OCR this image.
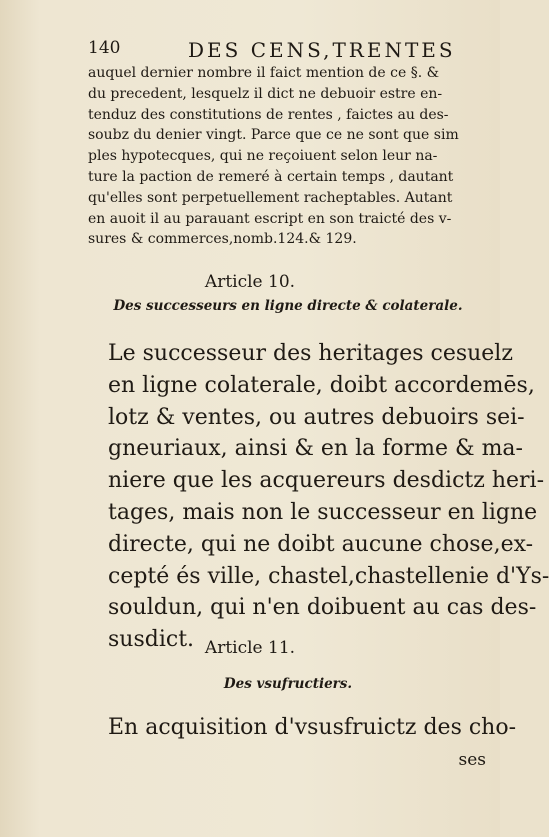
140	DES CENS,TRENTES
auquel dernier nombre il faict mention de ce §. &
du precedent, lesquelz il dict ne debuoir estre en-
tenduz des constitutions de rentes , faictes au des-
soubz du denier vingt. Parce que ce ne sont que sim
ples hypotecques, qui ne reçoiuent selon leur na-
ture la paction de remeré à certain temps , dautant
qu'elles sont perpetuellement racheptables. Autant
en auoit il au parauant escript en son traicté des v-
sures & commerces,nomb.124.& 129.
Article 10.
Des successeurs en ligne directe & colaterale.
Le successeur des heritages cesuelz
en ligne colaterale, doibt accordemēs,
lotz & ventes, ou autres debuoirs sei-
gneuriaux, ainsi & en la forme & ma-
niere que les acquereurs desdictz heri-
tages, mais non le successeur en ligne
directe, qui ne doibt aucune chose,ex-
cepté és ville, chastel,chastellenie d'Ys-
souldun, qui n'en doibuent au cas des-
susdict. Article 11.
Des vsufructiers.
En acquisition d'vsusfruictz des cho-
ses
